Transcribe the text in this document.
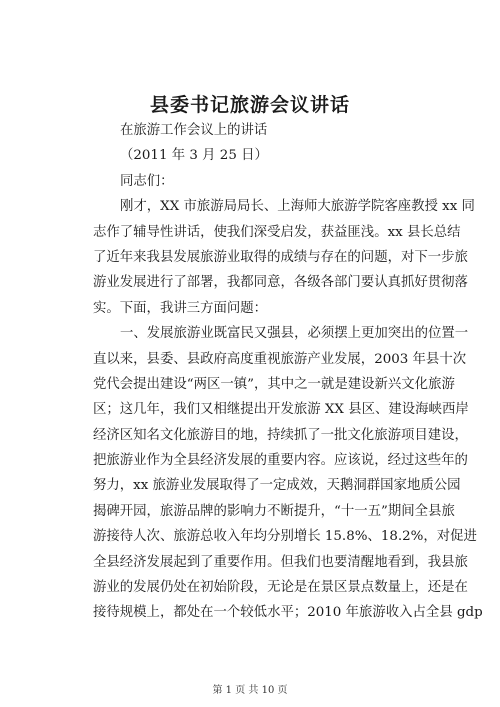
县委书记旅游会议讲话
在旅游工作会议上的讲话
（2011 年 3 月 25 日）
同志们：
刚才，XX 市旅游局局长、上海师大旅游学院客座教授 xx 同
志作了辅导性讲话，使我们深受启发，获益匪浅。xx 县长总结
了近年来我县发展旅游业取得的成绩与存在的问题，对下一步旅
游业发展进行了部署，我都同意，各级各部门要认真抓好贯彻落
实。下面，我讲三方面问题：
一、发展旅游业既富民又强县，必须摆上更加突出的位置一
直以来，县委、县政府高度重视旅游产业发展，2003 年县十次
党代会提出建设“两区一镇”，其中之一就是建设新兴文化旅游
区；这几年，我们又相继提出开发旅游 XX 县区、建设海峡西岸
经济区知名文化旅游目的地，持续抓了一批文化旅游项目建设，
把旅游业作为全县经济发展的重要内容。应该说，经过这些年的
努力，xx 旅游业发展取得了一定成效，天鹅洞群国家地质公园
揭碑开园，旅游品牌的影响力不断提升，“十一五”期间全县旅
游接待人次、旅游总收入年均分别增长 15.8%、18.2%，对促进
全县经济发展起到了重要作用。但我们也要清醒地看到，我县旅
游业的发展仍处在初始阶段，无论是在景区景点数量上，还是在
接待规模上，都处在一个较低水平；2010 年旅游收入占全县 gdp
第 1 页 共 10 页
